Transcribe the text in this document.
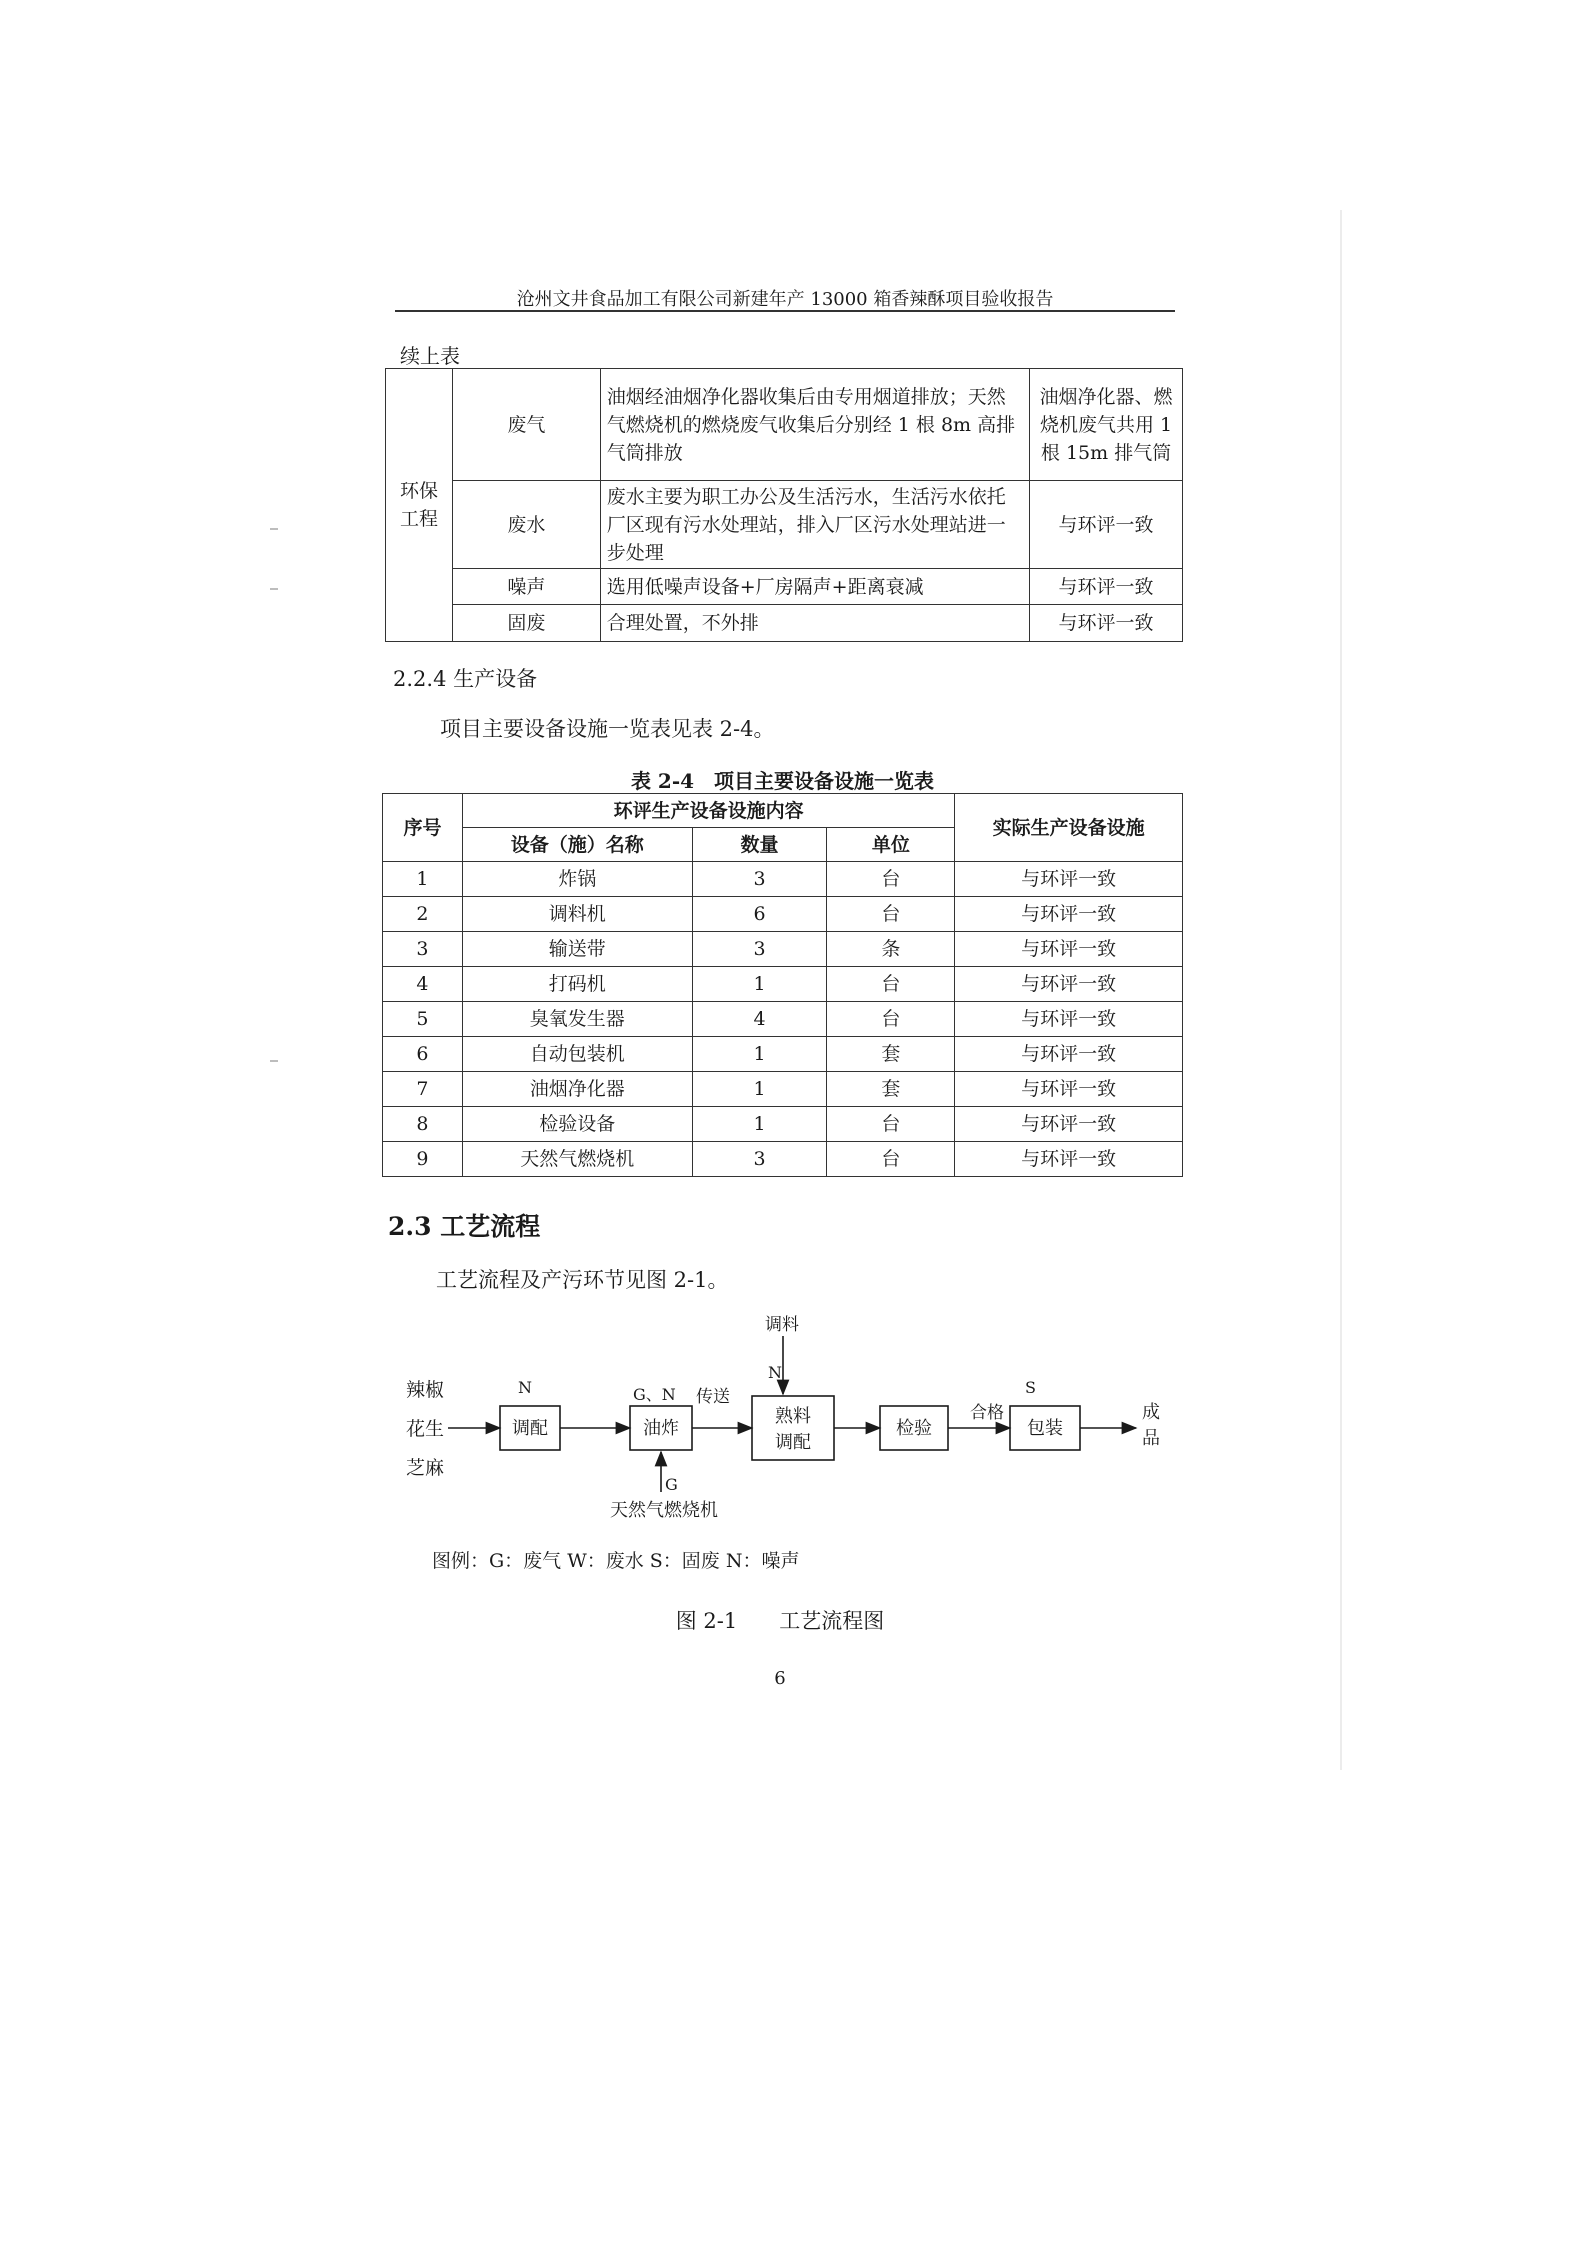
沧州文井食品加工有限公司新建年产 13000 箱香辣酥项目验收报告
续上表
环保工程	废气	油烟经油烟净化器收集后由专用烟道排放；天然气燃烧机的燃烧废气收集后分别经 1 根 8m 高排气筒排放	油烟净化器、燃烧机废气共用 1 根 15m 排气筒
	废水	废水主要为职工办公及生活污水，生活污水依托厂区现有污水处理站，排入厂区污水处理站进一步处理	与环评一致
	噪声	选用低噪声设备+厂房隔声+距离衰减	与环评一致
	固废	合理处置，不外排	与环评一致
2.2.4 生产设备
项目主要设备设施一览表见表 2-4。
表 2-4　项目主要设备设施一览表
序号	环评生产设备设施内容			实际生产设备设施
	设备（施）名称	数量	单位	
1	炸锅	3	台	与环评一致
2	调料机	6	台	与环评一致
3	输送带	3	条	与环评一致
4	打码机	1	台	与环评一致
5	臭氧发生器	4	台	与环评一致
6	自动包装机	1	套	与环评一致
7	油烟净化器	1	套	与环评一致
8	检验设备	1	台	与环评一致
9	天然气燃烧机	3	台	与环评一致
2.3 工艺流程
工艺流程及产污环节见图 2-1。
辣椒
花生
芝麻
调配
N
油炸
G、N 传送
G
天然气燃烧机
熟料
调配
调料
N
检验
合格
包装
S
成
品
图例：G：废气 W：废水 S：固废 N：噪声
图 2-1　　工艺流程图
6
